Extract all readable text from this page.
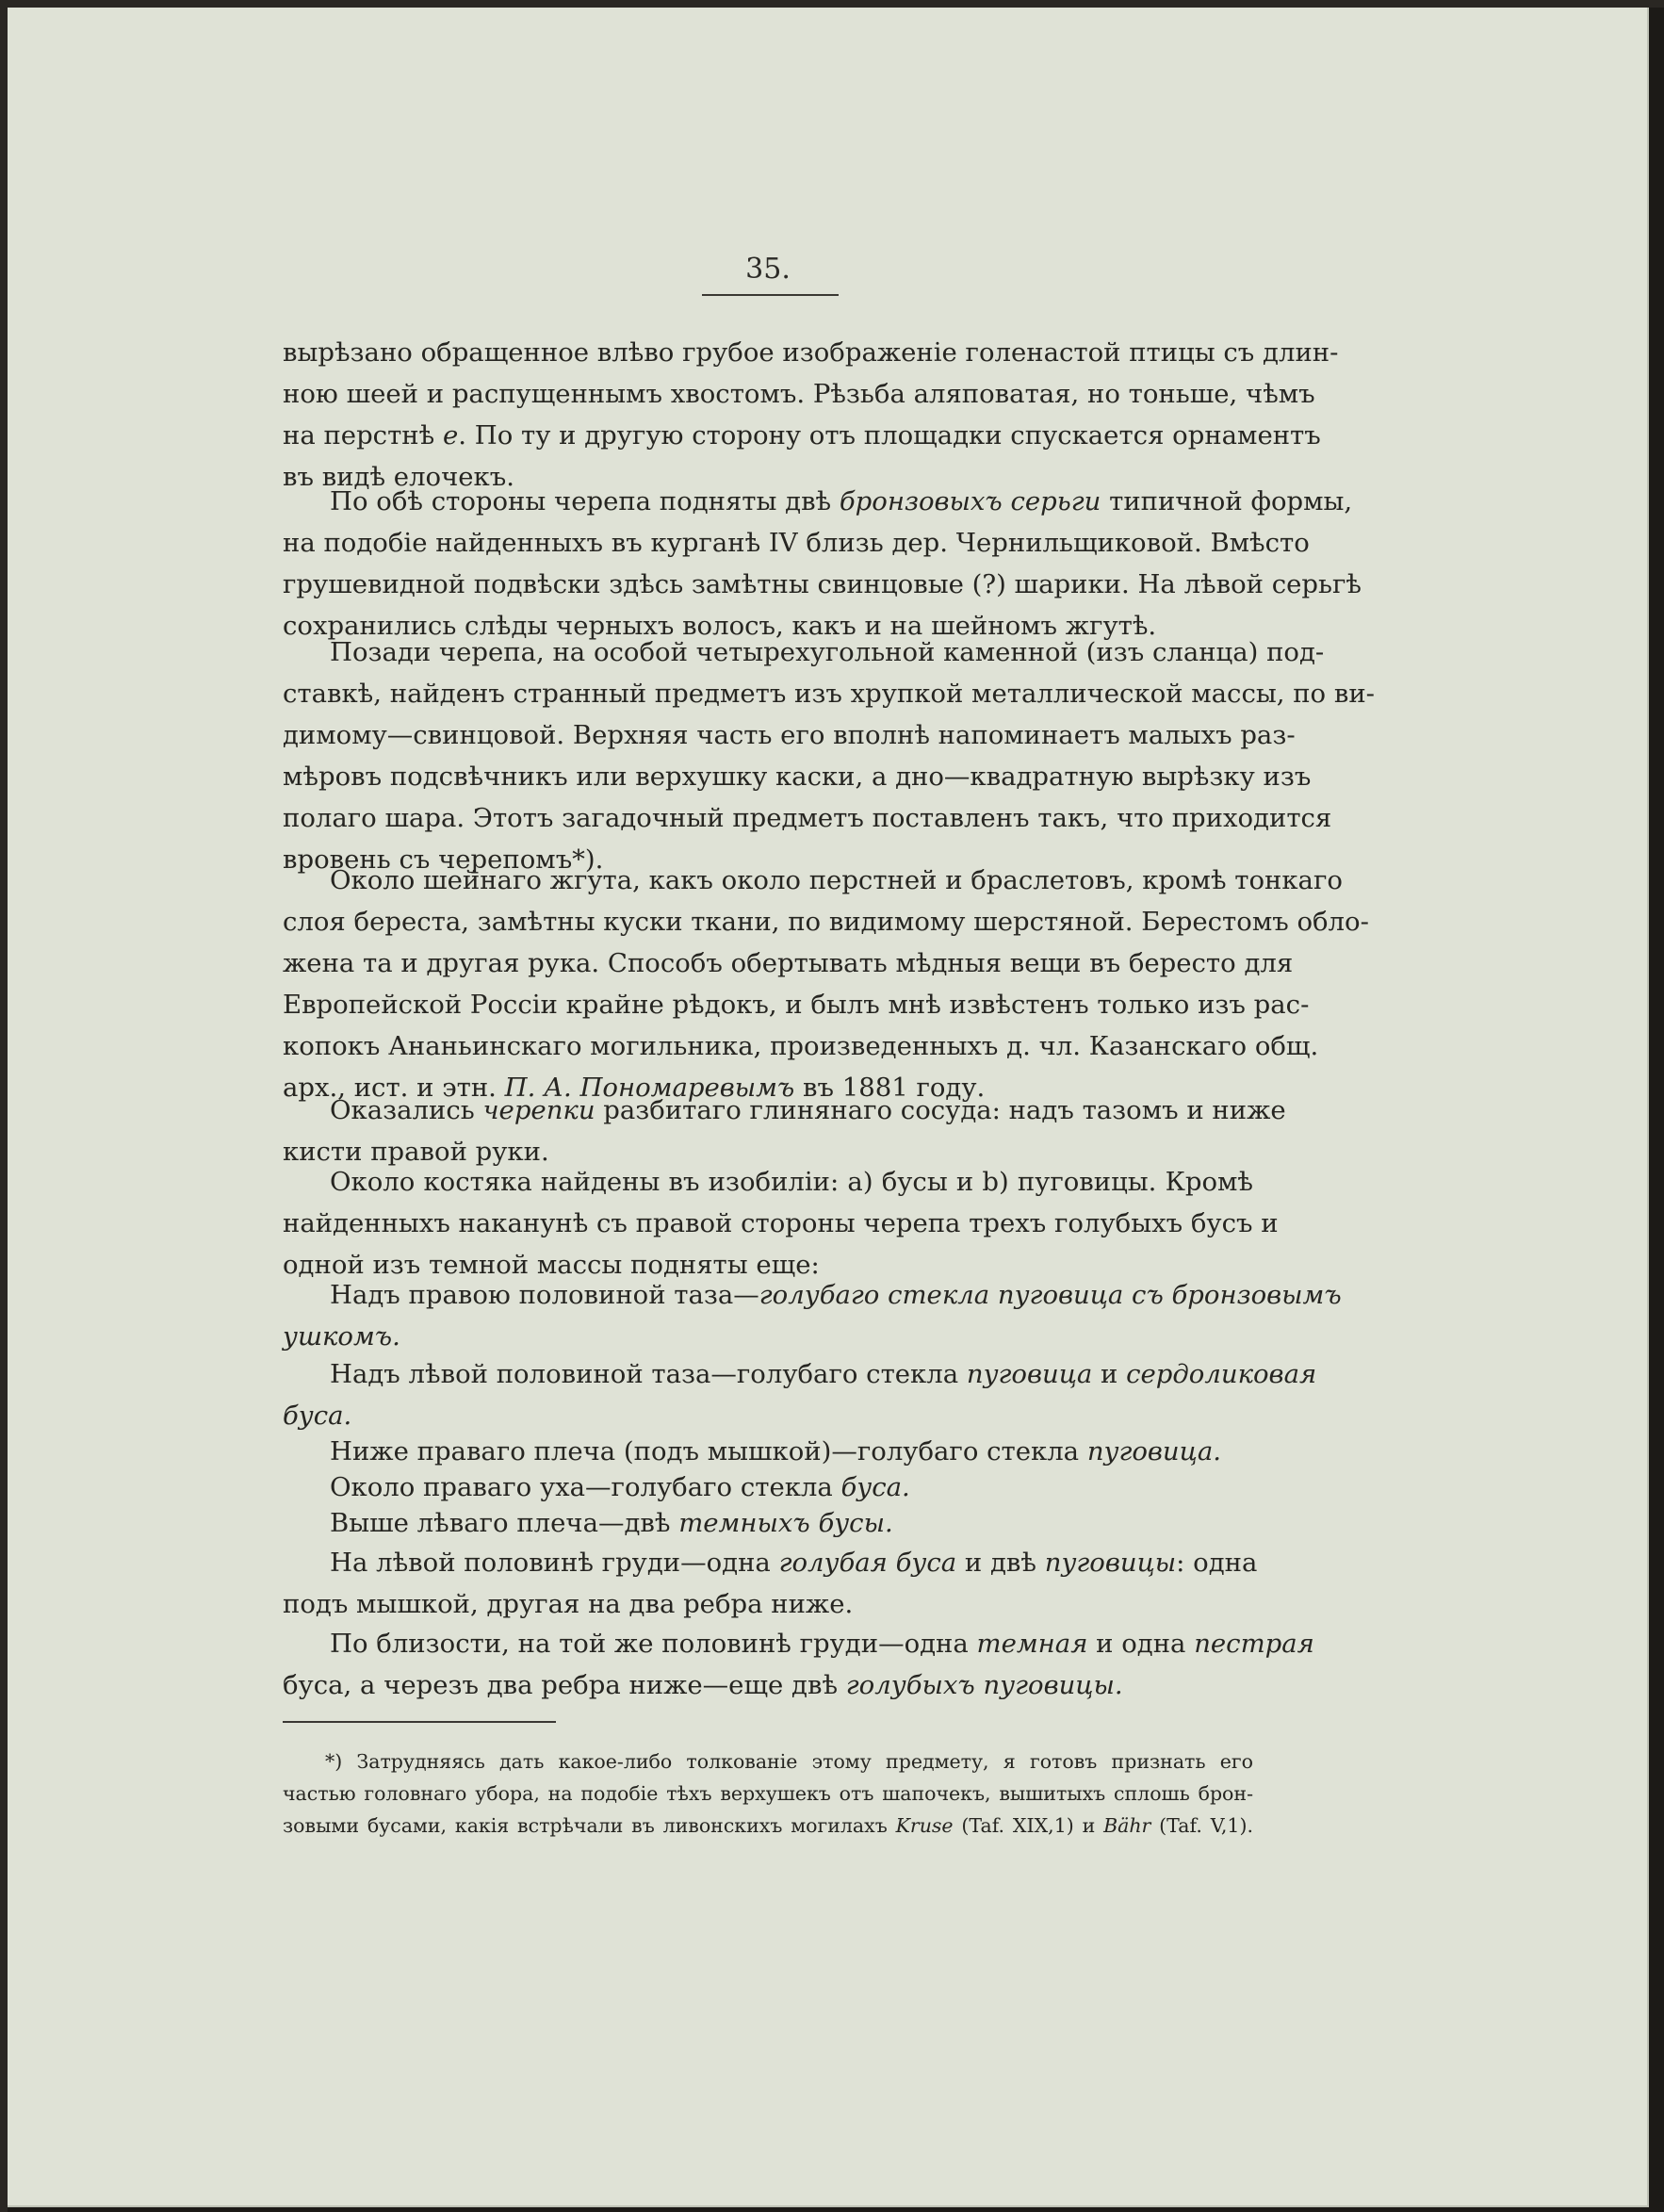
35.
вырѣзано обращенное влѣво грубое изображеніе голенастой птицы съ длин-
ною шеей и распущеннымъ хвостомъ. Рѣзьба аляповатая, но тоньше, чѣмъ
на перстнѣ е. По ту и другую сторону отъ площадки спускается орнаментъ
въ видѣ елочекъ.
По обѣ стороны черепа подняты двѣ бронзовыхъ серьги типичной формы,
на подобіе найденныхъ въ курганѣ IV близь дер. Чернильщиковой. Вмѣсто
грушевидной подвѣски здѣсь замѣтны свинцовые (?) шарики. На лѣвой серьгѣ
сохранились слѣды черныхъ волосъ, какъ и на шейномъ жгутѣ.
Позади черепа, на особой четырехугольной каменной (изъ сланца) под-
ставкѣ, найденъ странный предметъ изъ хрупкой металлической массы, по ви-
димому—свинцовой. Верхняя часть его вполнѣ напоминаетъ малыхъ раз-
мѣровъ подсвѣчникъ или верхушку каски, а дно—квадратную вырѣзку изъ
полаго шара. Этотъ загадочный предметъ поставленъ такъ, что приходится
вровень съ черепомъ*).
Около шейнаго жгута, какъ около перстней и браслетовъ, кромѣ тонкаго
слоя береста, замѣтны куски ткани, по видимому шерстяной. Берестомъ обло-
жена та и другая рука. Способъ обертывать мѣдныя вещи въ бересто для
Европейской Россіи крайне рѣдокъ, и былъ мнѣ извѣстенъ только изъ рас-
копокъ Ананьинскаго могильника, произведенныхъ д. чл. Казанскаго общ.
арх., ист. и этн. П. А. Пономаревымъ въ 1881 году.
Оказались черепки разбитаго глинянаго сосуда: надъ тазомъ и ниже
кисти правой руки.
Около костяка найдены въ изобиліи: a) бусы и b) пуговицы. Кромѣ
найденныхъ наканунѣ съ правой стороны черепа трехъ голубыхъ бусъ и
одной изъ темной массы подняты еще:
Надъ правою половиной таза—голубаго стекла пуговица съ бронзовымъ
ушкомъ.
Надъ лѣвой половиной таза—голубаго стекла пуговица и сердоликовая
буса.
Ниже праваго плеча (подъ мышкой)—голубаго стекла пуговица.
Около праваго уха—голубаго стекла буса.
Выше лѣваго плеча—двѣ темныхъ бусы.
На лѣвой половинѣ груди—одна голубая буса и двѣ пуговицы: одна
подъ мышкой, другая на два ребра ниже.
По близости, на той же половинѣ груди—одна темная и одна пестрая
буса, а черезъ два ребра ниже—еще двѣ голубыхъ пуговицы.
*) Затрудняясь дать какое-либо толкованіе этому предмету, я готовъ признать его
частью головнаго убора, на подобіе тѣхъ верхушекъ отъ шапочекъ, вышитыхъ сплошь брон-
зовыми бусами, какія встрѣчали въ ливонскихъ могилахъ Kruse (Taf. XIX,1) и Bähr (Taf. V,1).
